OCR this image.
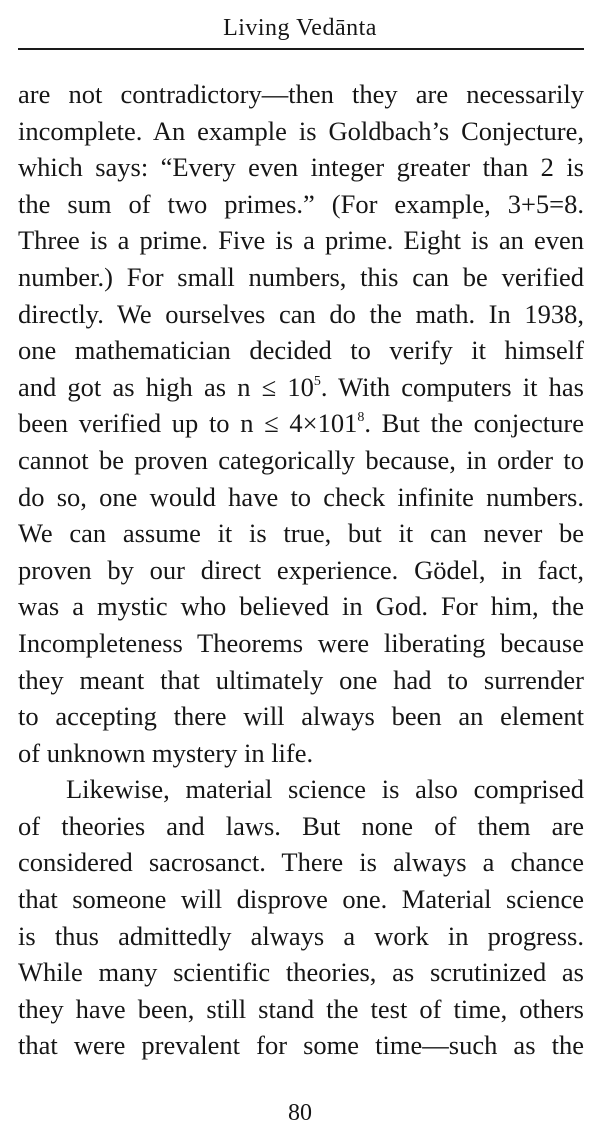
Living Vedānta
are not contradictory—then they are necessarily
incomplete. An example is Goldbach’s Conjecture,
which says: “Every even integer greater than 2 is
the sum of two primes.” (For example, 3+5=8.
Three is a prime. Five is a prime. Eight is an even
number.) For small numbers, this can be verified
directly. We ourselves can do the math. In 1938,
one mathematician decided to verify it himself
and got as high as $n \le 10^5$. With computers it has
been verified up to $n \le 4\times 101^8$. But the conjecture
cannot be proven categorically because, in order to
do so, one would have to check infinite numbers.
We can assume it is true, but it can never be
proven by our direct experience. Gödel, in fact,
was a mystic who believed in God. For him, the
Incompleteness Theorems were liberating because
they meant that ultimately one had to surrender
to accepting there will always been an element
of unknown mystery in life.
Likewise, material science is also comprised
of theories and laws. But none of them are
considered sacrosanct. There is always a chance
that someone will disprove one. Material science
is thus admittedly always a work in progress.
While many scientific theories, as scrutinized as
they have been, still stand the test of time, others
that were prevalent for some time—such as the
80
